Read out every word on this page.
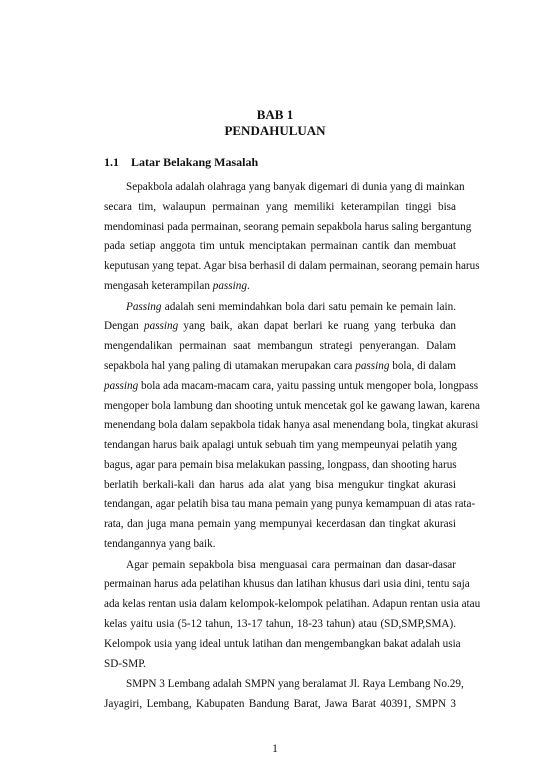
BAB 1
PENDAHULUAN
1.1 Latar Belakang Masalah
Sepakbola adalah olahraga yang banyak digemari di dunia yang di mainkan
secara tim, walaupun permainan yang memiliki keterampilan tinggi bisa
mendominasi pada permainan, seorang pemain sepakbola harus saling bergantung
pada setiap anggota tim untuk menciptakan permainan cantik dan membuat
keputusan yang tepat. Agar bisa berhasil di dalam permainan, seorang pemain harus
mengasah keterampilan passing.
Passing adalah seni memindahkan bola dari satu pemain ke pemain lain.
Dengan passing yang baik, akan dapat berlari ke ruang yang terbuka dan
mengendalikan permainan saat membangun strategi penyerangan. Dalam
sepakbola hal yang paling di utamakan merupakan cara passing bola, di dalam
passing bola ada macam-macam cara, yaitu passing untuk mengoper bola, longpass
mengoper bola lambung dan shooting untuk mencetak gol ke gawang lawan, karena
menendang bola dalam sepakbola tidak hanya asal menendang bola, tingkat akurasi
tendangan harus baik apalagi untuk sebuah tim yang mempeunyai pelatih yang
bagus, agar para pemain bisa melakukan passing, longpass, dan shooting harus
berlatih berkali-kali dan harus ada alat yang bisa mengukur tingkat akurasi
tendangan, agar pelatih bisa tau mana pemain yang punya kemampuan di atas rata-
rata, dan juga mana pemain yang mempunyai kecerdasan dan tingkat akurasi
tendangannya yang baik.
Agar pemain sepakbola bisa menguasai cara permainan dan dasar-dasar
permainan harus ada pelatihan khusus dan latihan khusus dari usia dini, tentu saja
ada kelas rentan usia dalam kelompok-kelompok pelatihan. Adapun rentan usia atau
kelas yaitu usia (5-12 tahun, 13-17 tahun, 18-23 tahun) atau (SD,SMP,SMA).
Kelompok usia yang ideal untuk latihan dan mengembangkan bakat adalah usia
SD-SMP.
SMPN 3 Lembang adalah SMPN yang beralamat Jl. Raya Lembang No.29,
Jayagiri, Lembang, Kabupaten Bandung Barat, Jawa Barat 40391, SMPN 3
1
